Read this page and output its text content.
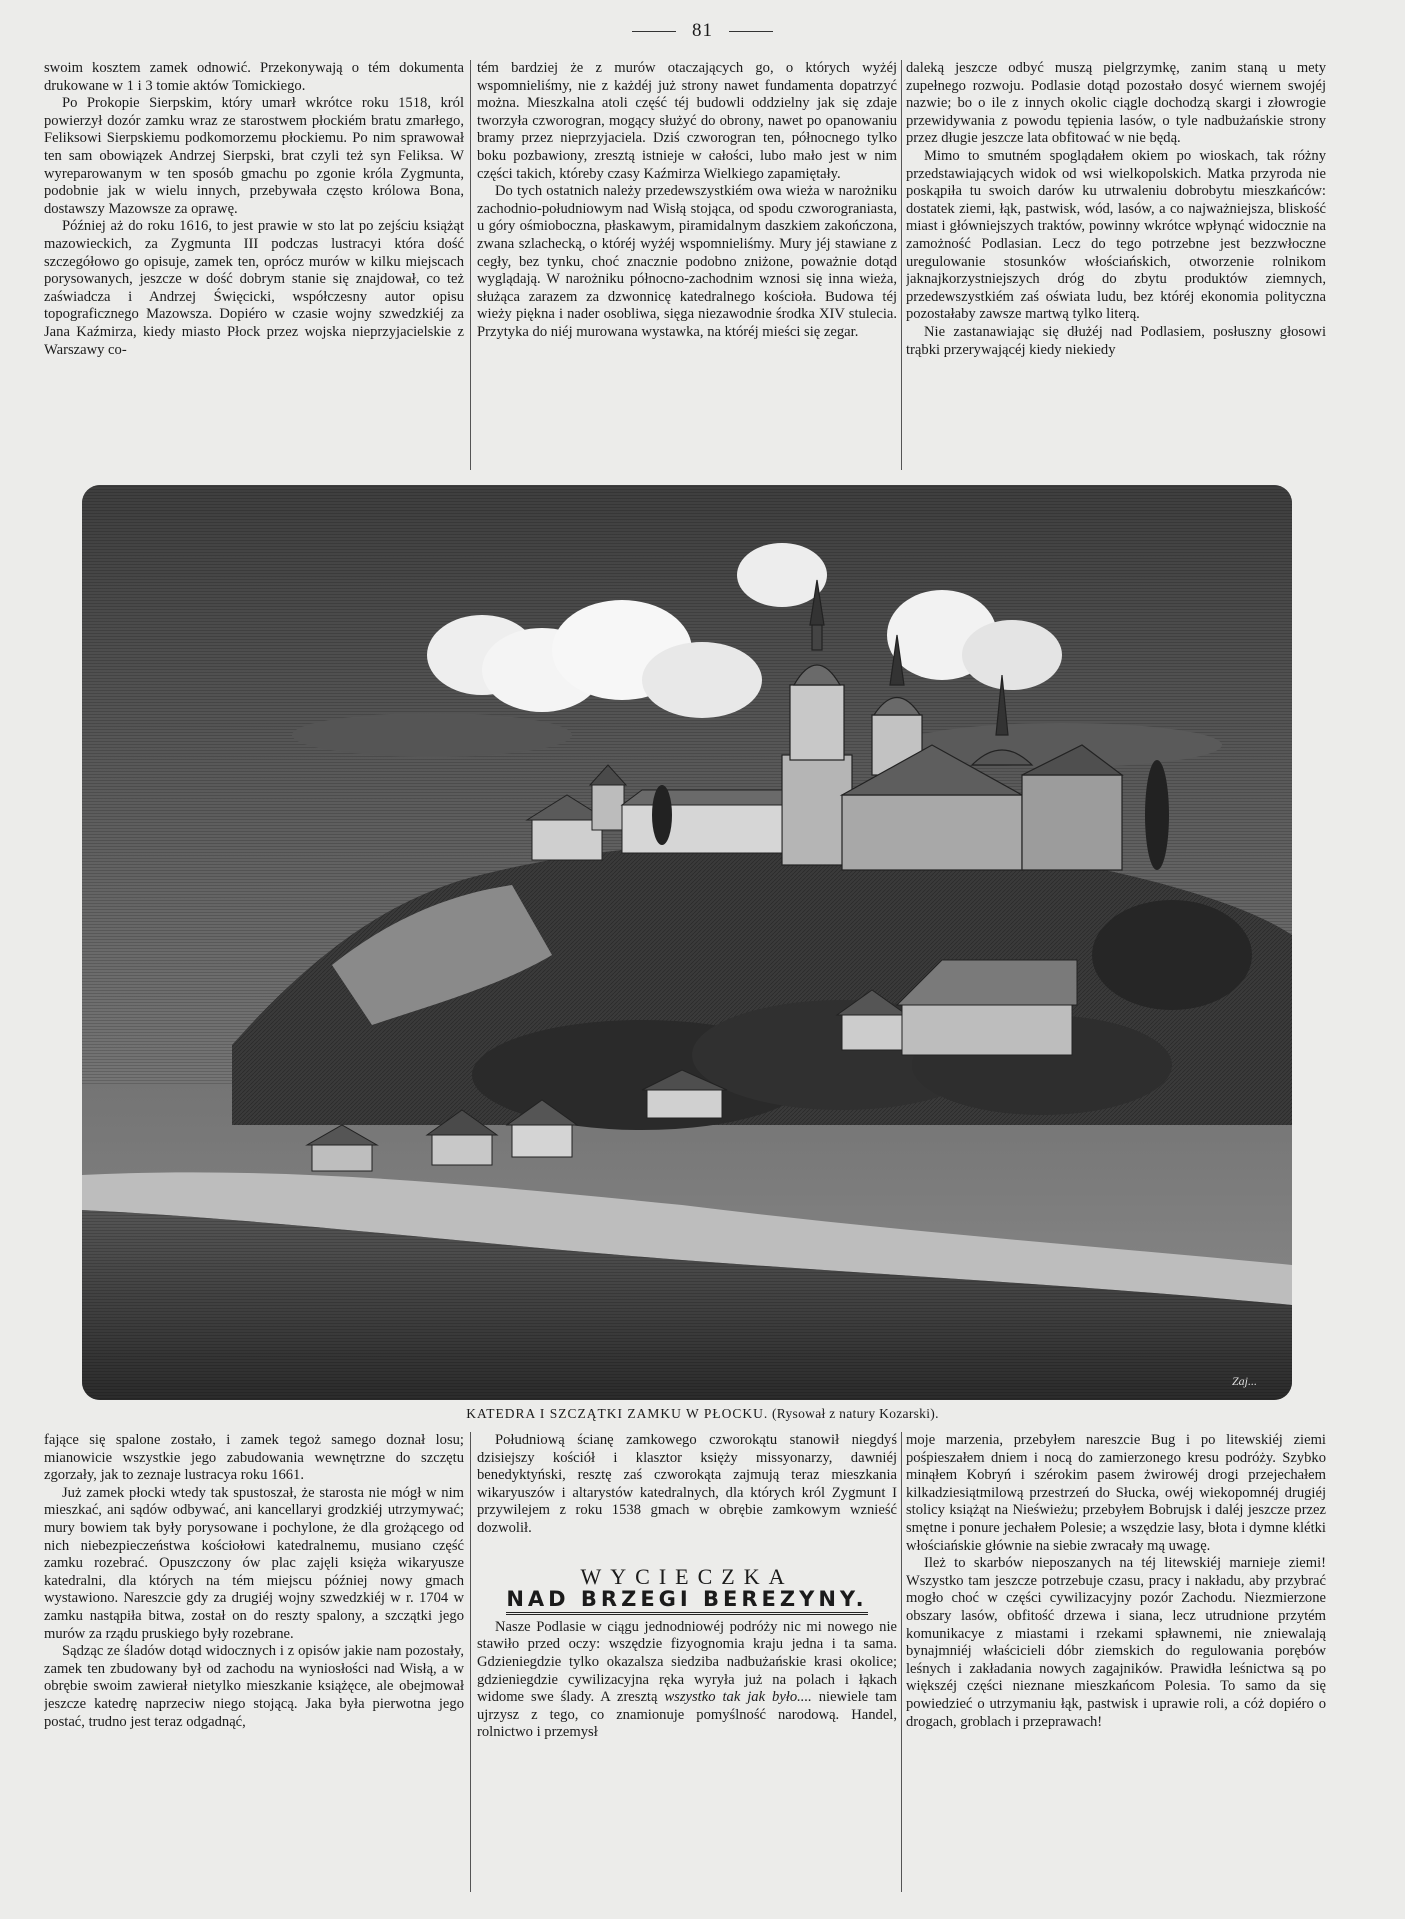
81

swoim kosztem zamek odnowić. Przekonywają o tém dokumenta drukowane w 1 i 3 tomie aktów Tomickiego.

Po Prokopie Sierpskim, który umarł wkrótce roku 1518, król powierzył dozór zamku wraz ze starostwem płockiém bratu zmarłego, Feliksowi Sierpskiemu podkomorzemu płockiemu. Po nim sprawował ten sam obowiązek Andrzej Sierpski, brat czyli też syn Feliksa. W wyreparowanym w ten sposób gmachu po zgonie króla Zygmunta, podobnie jak w wielu innych, przebywała często królowa Bona, dostawszy Mazowsze za oprawę.

Później aż do roku 1616, to jest prawie w sto lat po zejściu książąt mazowieckich, za Zygmunta III podczas lustracyi która dość szczegółowo go opisuje, zamek ten, oprócz murów w kilku miejscach porysowanych, jeszcze w dość dobrym stanie się znajdował, co też zaświadcza i Andrzej Święcicki, współczesny autor opisu topograficznego Mazowsza. Dopiéro w czasie wojny szwedzkiéj za Jana Kaźmirza, kiedy miasto Płock przez wojska nieprzyjacielskie z Warszawy co-

tém bardziej że z murów otaczających go, o których wyżéj wspomnieliśmy, nie z każdéj już strony nawet fundamenta dopatrzyć można. Mieszkalna atoli część téj budowli oddzielny jak się zdaje tworzyła czworogran, mogący służyć do obrony, nawet po opanowaniu bramy przez nieprzyjaciela. Dziś czworogran ten, północnego tylko boku pozbawiony, zresztą istnieje w całości, lubo mało jest w nim części takich, któreby czasy Kaźmirza Wielkiego zapamiętały.

Do tych ostatnich należy przedewszystkiém owa wieża w narożniku zachodnio-południowym nad Wisłą stojąca, od spodu czworograniasta, u góry ośmioboczna, płaskawym, piramidalnym daszkiem zakończona, zwana szlachecką, o któréj wyżéj wspomnieliśmy. Mury jéj stawiane z cegły, bez tynku, choć znacznie podobno zniżone, poważnie dotąd wyglądają. W narożniku północno-zachodnim wznosi się inna wieża, służąca zarazem za dzwonnicę katedralnego kościoła. Budowa téj wieży piękna i nader osobliwa, sięga niezawodnie środka XIV stulecia. Przytyka do niéj murowana wystawka, na któréj mieści się zegar.

daleką jeszcze odbyć muszą pielgrzymkę, zanim staną u mety zupełnego rozwoju. Podlasie dotąd pozostało dosyć wiernem swojéj nazwie; bo o ile z innych okolic ciągle dochodzą skargi i złowrogie przewidywania z powodu tępienia lasów, o tyle nadbużańskie strony przez długie jeszcze lata obfitować w nie będą.

Mimo to smutném spoglądałem okiem po wioskach, tak różny przedstawiających widok od wsi wielkopolskich. Matka przyroda nie poskąpiła tu swoich darów ku utrwaleniu dobrobytu mieszkańców: dostatek ziemi, łąk, pastwisk, wód, lasów, a co najważniejsza, bliskość miast i główniejszych traktów, powinny wkrótce wpłynąć widocznie na zamożność Podlasian. Lecz do tego potrzebne jest bezzwłoczne uregulowanie stosunków włościańskich, otworzenie rolnikom jaknajkorzystniejszych dróg do zbytu produktów ziemnych, przedewszystkiém zaś oświata ludu, bez któréj ekonomia polityczna pozostałaby zawsze martwą tylko literą.

Nie zastanawiając się dłużéj nad Podlasiem, posłuszny głosowi trąbki przerywającéj kiedy niekiedy

Zaj...
KATEDRA I SZCZĄTKI ZAMKU W PŁOCKU. (Rysował z natury Kozarski).

fające się spalone zostało, i zamek tegoż samego doznał losu; mianowicie wszystkie jego zabudowania wewnętrzne do szczętu zgorzały, jak to zeznaje lustracya roku 1661.

Już zamek płocki wtedy tak spustoszał, że starosta nie mógł w nim mieszkać, ani sądów odbywać, ani kancellaryi grodzkiéj utrzymywać; mury bowiem tak były porysowane i pochylone, że dla grożącego od nich niebezpieczeństwa kościołowi katedralnemu, musiano część zamku rozebrać. Opuszczony ów plac zajęli księża wikaryusze katedralni, dla których na tém miejscu później nowy gmach wystawiono. Nareszcie gdy za drugiéj wojny szwedzkiéj w r. 1704 w zamku nastąpiła bitwa, został on do reszty spalony, a szczątki jego murów za rządu pruskiego były rozebrane.

Sądząc ze śladów dotąd widocznych i z opisów jakie nam pozostały, zamek ten zbudowany był od zachodu na wyniosłości nad Wisłą, a w obrębie swoim zawierał nietylko mieszkanie książęce, ale obejmował jeszcze katedrę naprzeciw niego stojącą. Jaka była pierwotna jego postać, trudno jest teraz odgadnąć,

Południową ścianę zamkowego czworokątu stanowił niegdyś dzisiejszy kościół i klasztor księży missyonarzy, dawniéj benedyktyński, resztę zaś czworokąta zajmują teraz mieszkania wikaryuszów i altarystów katedralnych, dla których król Zygmunt I przywilejem z roku 1538 gmach w obrębie zamkowym wznieść dozwolił.

WYCIECZKA
NAD BRZEGI BEREZYNY.

Nasze Podlasie w ciągu jednodniowéj podróży nic mi nowego nie stawiło przed oczy: wszędzie fizyognomia kraju jedna i ta sama. Gdzieniegdzie tylko okazalsza siedziba nadbużańskie krasi okolice; gdzieniegdzie cywilizacyjna ręka wyryła już na polach i łąkach widome swe ślady. A zresztą wszystko tak jak było.... niewiele tam ujrzysz z tego, co znamionuje pomyślność narodową. Handel, rolnictwo i przemysł

moje marzenia, przebyłem nareszcie Bug i po litewskiéj ziemi pośpieszałem dniem i nocą do zamierzonego kresu podróży. Szybko minąłem Kobryń i szérokim pasem żwirowéj drogi przejechałem kilkadziesiątmilową przestrzeń do Słucka, owéj wiekopomnéj drugiéj stolicy książąt na Nieświeżu; przebyłem Bobrujsk i daléj jeszcze przez smętne i ponure jechałem Polesie; a wszędzie lasy, błota i dymne klétki włościańskie głównie na siebie zwracały mą uwagę.

Ileż to skarbów nieposzanych na téj litewskiéj marnieje ziemi! Wszystko tam jeszcze potrzebuje czasu, pracy i nakładu, aby przybrać mogło choć w części cywilizacyjny pozór Zachodu. Niezmierzone obszary lasów, obfitość drzewa i siana, lecz utrudnione przytém komunikacye z miastami i rzekami spławnemi, nie zniewalają bynajmniéj właścicieli dóbr ziemskich do regulowania porębów leśnych i zakładania nowych zagajników. Prawidła leśnictwa są po większéj części nieznane mieszkańcom Polesia. To samo da się powiedzieć o utrzymaniu łąk, pastwisk i uprawie roli, a cóż dopiéro o drogach, groblach i przeprawach!
